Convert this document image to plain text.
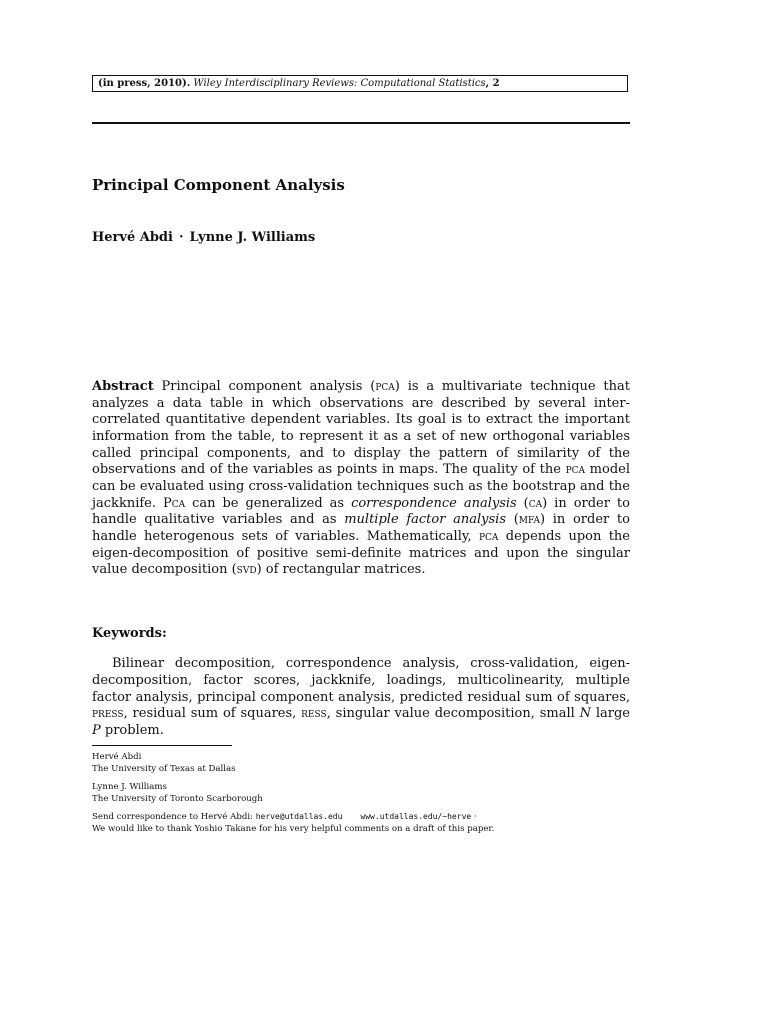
(in press, 2010). Wiley Interdisciplinary Reviews: Computational Statistics, 2
Principal Component Analysis
Hervé Abdi · Lynne J. Williams
Abstract Principal component analysis (pca) is a multivariate technique that analyzes a data table in which observations are described by several inter-correlated quantitative dependent variables. Its goal is to extract the important information from the table, to represent it as a set of new orthogonal variables called principal components, and to display the pattern of similarity of the observations and of the variables as points in maps. The quality of the pca model can be evaluated using cross-validation techniques such as the bootstrap and the jackknife. Pca can be generalized as correspondence analysis (ca) in order to handle qualitative variables and as multiple factor analysis (mfa) in order to handle heterogenous sets of variables. Mathematically, pca depends upon the eigen-decomposition of positive semi-definite matrices and upon the singular value decomposition (svd) of rectangular matrices.
Keywords:
Bilinear decomposition, correspondence analysis, cross-validation, eigen-decomposition, factor scores, jackknife, loadings, multicolinearity, multiple factor analysis, principal component analysis, predicted residual sum of squares, press, residual sum of squares, ress, singular value decomposition, small N large P problem.
Hervé Abdi
The University of Texas at Dallas
Lynne J. Williams
The University of Toronto Scarborough
Send correspondence to Hervé Abdi: herve@utdallas.edu www.utdallas.edu/∼herve ·
We would like to thank Yoshio Takane for his very helpful comments on a draft of this paper.
